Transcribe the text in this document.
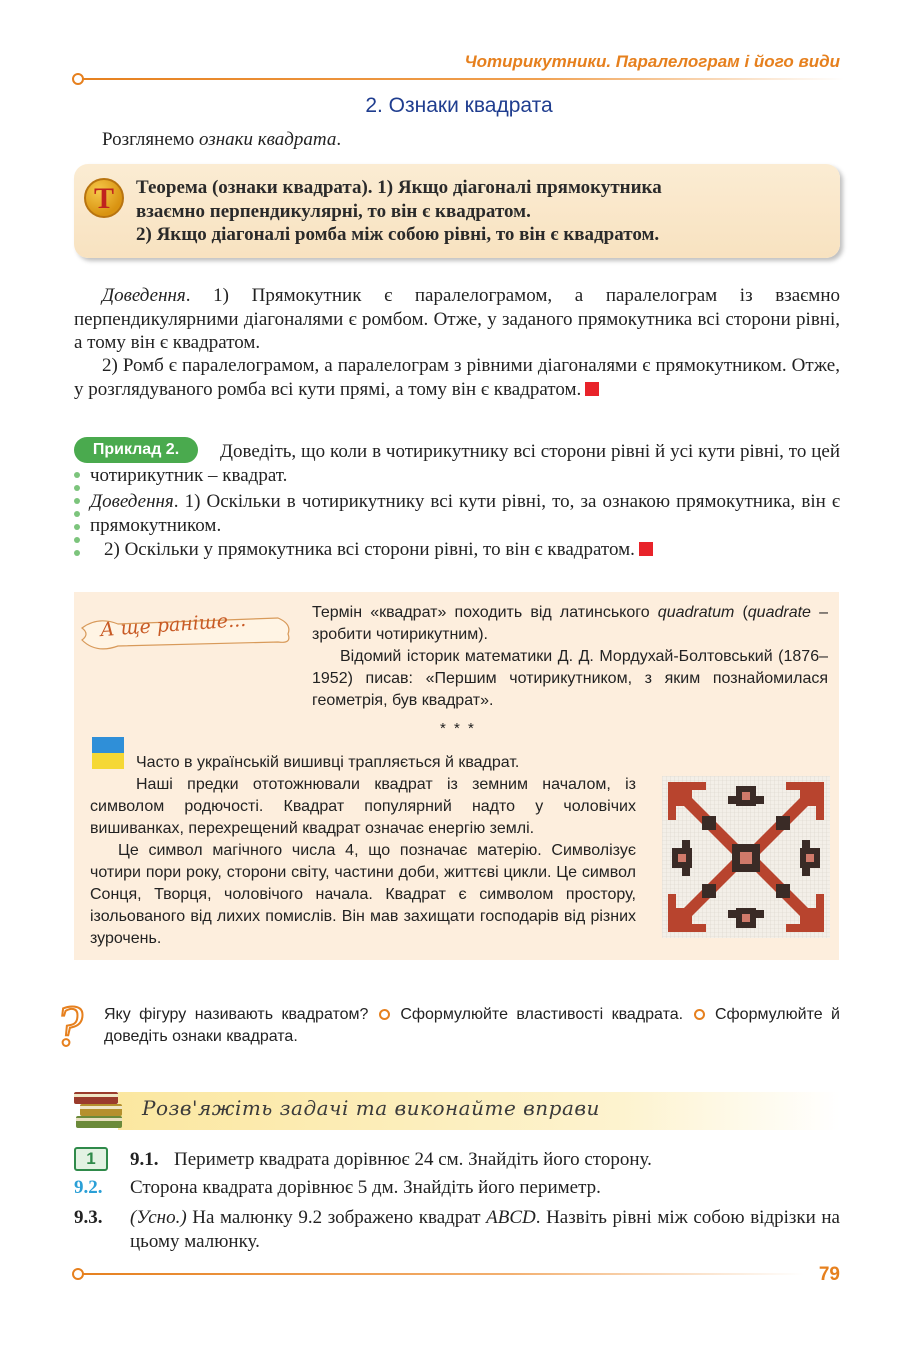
Чотирикутники. Паралелограм і його види
2. Ознаки квадрата
Розглянемо ознаки квадрата.
Т	Теорема (ознаки квадрата). 1) Якщо діагоналі прямокутника
взаємно перпендикулярні, то він є квадратом.
2) Якщо діагоналі ромба між собою рівні, то він є квадратом.
Доведення. 1) Прямокутник є паралелограмом, а паралелограм із взаємно перпендикулярними діагоналями є ромбом. Отже, у заданого прямокутника всі сторони рівні, а тому він є квадратом.
2) Ромб є паралелограмом, а паралелограм з рівними діагоналями є прямокутником. Отже, у розглядуваного ромба всі кути прямі, а тому він є квадратом.
Приклад 2.	Доведіть, що коли в чотирикутнику всі сторони рівні й усі кути рівні, то цей чотирикутник – квадрат.
Доведення. 1) Оскільки в чотирикутнику всі кути рівні, то, за ознакою прямокутника, він є прямокутником.
2) Оскільки у прямокутника всі сторони рівні, то він є квадратом.
А ще раніше...	Термін «квадрат» походить від латинського quadratum (quadrate – зробити чотирикутним).
Відомий історик математики Д. Д. Мордухай-Болтовський (1876–1952) писав: «Першим чотирикутником, з яким познайомилася геометрія, був квадрат».
* * *
Часто в українській вишивці трапляється й квадрат.
Наші предки ототожнювали квадрат із земним началом, із символом родючості. Квадрат популярний надто у чоловічих вишиванках, перехрещений квадрат означає енергію землі.
Це символ магічного числа 4, що позначає матерію. Символізує чотири пори року, сторони світу, частини доби, життєві цикли. Це символ Сонця, Творця, чоловічого начала. Квадрат є символом простору, ізольованого від лихих помислів. Він мав захищати господарів від різних зурочень.
? Яку фігуру називають квадратом? Сформулюйте властивості квадрата. Сформулюйте й доведіть ознаки квадрата.
Розв'яжіть задачі та виконайте вправи
1	9.1. Периметр квадрата дорівнює 24 см. Знайдіть його сторону.
9.2. Сторона квадрата дорівнює 5 дм. Знайдіть його периметр.
9.3. (Усно.) На малюнку 9.2 зображено квадрат ABCD. Назвіть рівні між собою відрізки на цьому малюнку.
79
